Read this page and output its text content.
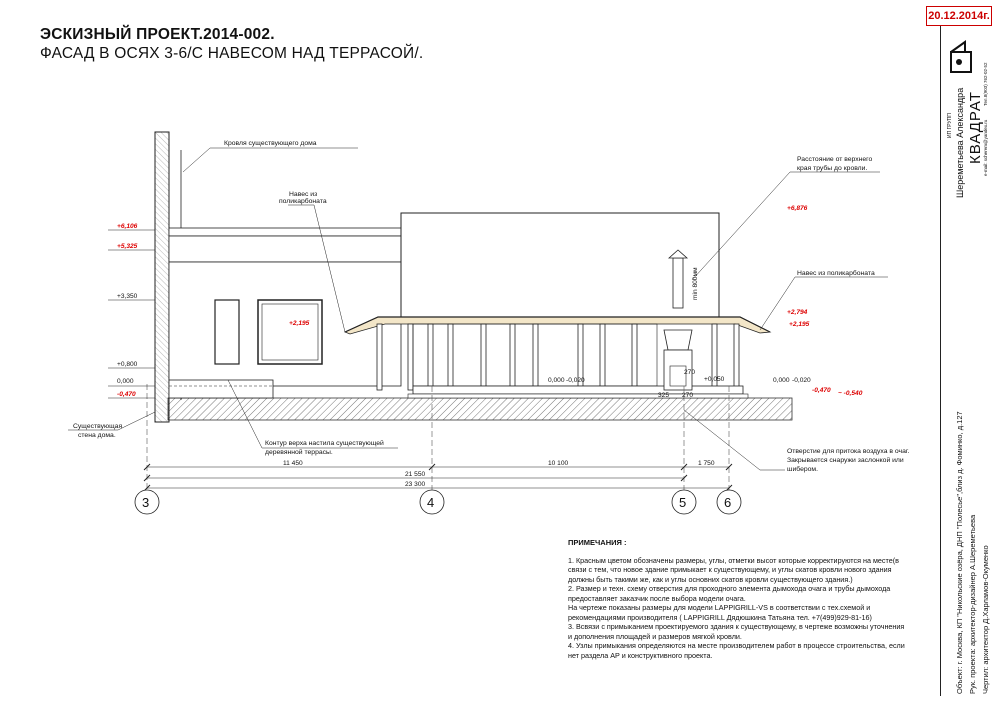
ЭСКИЗНЫЙ ПРОЕКТ.2014-002.
ФАСАД В ОСЯХ 3-6/С НАВЕСОМ НАД ТЕРРАСОЙ/.
20.12.2014г.
Шереметьева Александра
ИП ГРУПП КВАДРАТ e-mail: scherem@yandex.ru
Тел.8(903) 762-02-52
Объект: г. Москва, КП "Никольские озёра, ДНП "Полесье",близ д. Фоминко, д.127 Рук. проекта: архитектор-дизайнер А.Шереметьева Чертил: архитектор Д.Харламов-Окуменко
11 450	10 100	1 750
21 550
23 300
3	4	5	6
+6,106
+5,325
+3,350
+0,800
0,000
-0,470
+2,195
+6,876
+2,794
+2,195
0,000 -0,020	+0,050
270
325 270
0,000 -0,020
-0,470 ~ -0,540
min 800мм
Кровля существующего дома
Навес из
поликарбоната
Расстояние от верхнего
края трубы до кровли.
Навес из поликарбоната
Существующая
стена дома.
Контур верха настила существующей
деревянной террасы.	Отверстие для притока воздуха в очаг.
Закрывается снаружи заслонкой или
шибером.
ПРИМЕЧАНИЯ :

1. Красным цветом обозначены размеры, углы, отметки высот которые корректируются на месте(в связи с тем, что новое здание примыкает к существующему, и углы скатов кровли нового здания должны быть такими же, как и углы основних скатов кровли существующего здания.)

2. Размер и техн. схему отверстия для проходного элемента дымохода очага и трубы дымохода предоставляет заказчик после выбора модели очага.

На чертеже показаны размеры для модели LAPPIGRILL-VS в соответствии с тех.схемой и рекомендациями производителя ( LAPPIGRILL Дядюшкина Татьяна тел. +7(499)929-81-16)

3. Всвязи с примыканием проектируемого здания к существующему, в чертеже возможны уточнения и дополнения площадей и размеров мягкой кровли.

4. Узлы примыкания определяются на месте производителем работ в процессе строительства, если нет раздела АР и конструктивного проекта.
